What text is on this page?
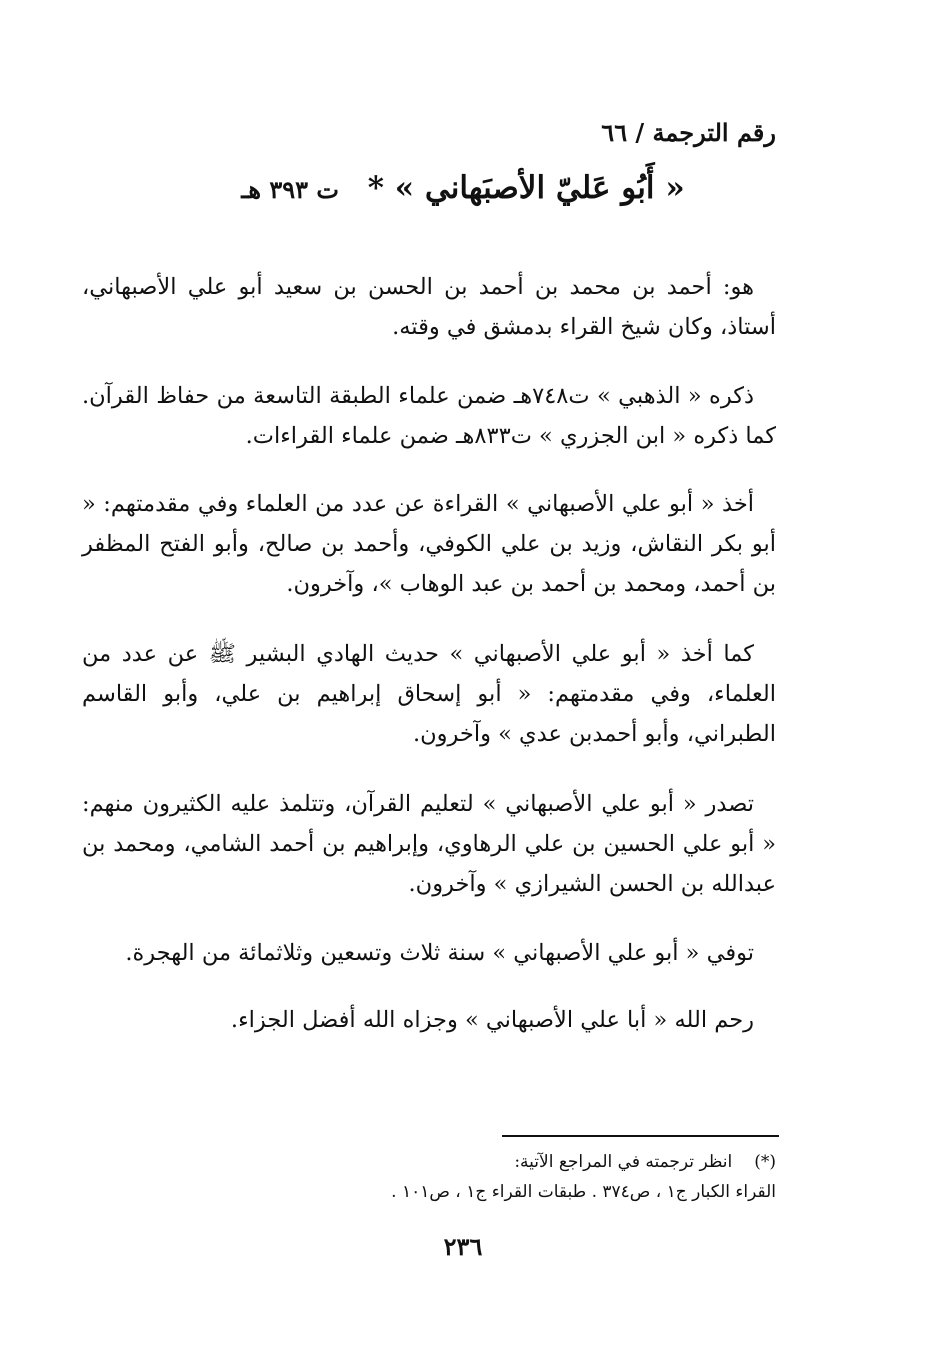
رقم الترجمة / ٦٦
« أَبُو عَليّ الأصبَهاني » * ت ٣٩٣ هـ
هو: أحمد بن محمد بن أحمد بن الحسن بن سعيد أبو علي الأصبهاني، أستاذ، وكان شيخ القراء بدمشق في وقته.
ذكره « الذهبي » ت٧٤٨هـ ضمن علماء الطبقة التاسعة من حفاظ القرآن. كما ذكره « ابن الجزري » ت٨٣٣هـ ضمن علماء القراءات.
أخذ « أبو علي الأصبهاني » القراءة عن عدد من العلماء وفي مقدمتهم: « أبو بكر النقاش، وزيد بن علي الكوفي، وأحمد بن صالح، وأبو الفتح المظفر بن أحمد، ومحمد بن أحمد بن عبد الوهاب »، وآخرون.
كما أخذ « أبو علي الأصبهاني » حديث الهادي البشير ﷺ عن عدد من العلماء، وفي مقدمتهم: « أبو إسحاق إبراهيم بن علي، وأبو القاسم الطبراني، وأبو أحمدبن عدي » وآخرون.
تصدر « أبو علي الأصبهاني » لتعليم القرآن، وتتلمذ عليه الكثيرون منهم: « أبو علي الحسين بن علي الرهاوي، وإبراهيم بن أحمد الشامي، ومحمد بن عبدالله بن الحسن الشيرازي » وآخرون.
توفي « أبو علي الأصبهاني » سنة ثلاث وتسعين وثلاثمائة من الهجرة.
رحم الله « أبا علي الأصبهاني » وجزاه الله أفضل الجزاء.
(*)انظر ترجمته في المراجع الآتية:
القراء الكبار ج١ ، ص٣٧٤ . طبقات القراء ج١ ، ص١٠١ .
٢٣٦
